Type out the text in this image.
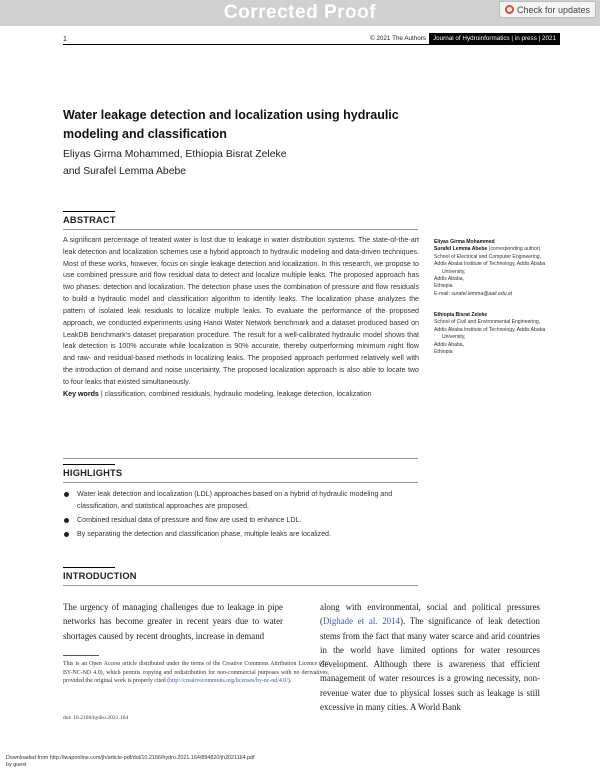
Corrected Proof	Check for updates
1	© 2021 The Authors	Journal of Hydroinformatics | in press | 2021
Water leakage detection and localization using hydraulic modeling and classification
Eliyas Girma Mohammed, Ethiopia Bisrat Zeleke
and Surafel Lemma Abebe
ABSTRACT

A significant percentage of treated water is lost due to leakage in water distribution systems. The state-of-the-art leak detection and localization schemes use a hybrid approach to hydraulic modeling and data-driven techniques. Most of these works, however, focus on single leakage detection and localization. In this research, we propose to use combined pressure and flow residual data to detect and localize multiple leaks. The proposed approach has two phases: detection and localization. The detection phase uses the combination of pressure and flow residuals to build a hydraulic model and classification algorithm to identify leaks. The localization phase analyzes the pattern of isolated leak residuals to localize multiple leaks. To evaluate the performance of the proposed approach, we conducted experiments using Hanoi Water Network benchmark and a dataset produced based on LeakDB benchmark's dataset preparation procedure. The result for a well-calibrated hydraulic model shows that leak detection is 100% accurate while localization is 90% accurate, thereby outperforming minimum night flow and raw- and residual-based methods in localizing leaks. The proposed approach performed relatively well with the introduction of demand and noise uncertainty. The proposed localization approach is also able to locate two to four leaks that existed simultaneously.

Key words | classification, combined residuals, hydraulic modeling, leakage detection, localization

Eliyas Girma Mohammed
Surafel Lemma Abebe (corresponding author)
School of Electrical and Computer Engineering,
Addis Ababa Institute of Technology, Addis Ababa
University,
Addis Ababa,
Ethiopia
E-mail: surafel.lemma@aait.edu.et
Ethiopia Bisrat Zeleke
School of Civil and Environmental Engineering,
Addis Ababa Institute of Technology, Addis Ababa
University,
Addis Ababa,
Ethiopia
HIGHLIGHTS
Water leak detection and localization (LDL) approaches based on a hybrid of hydraulic modeling and classification, and statistical approaches are proposed.
Combined residual data of pressure and flow are used to enhance LDL.
By separating the detection and classification phase, multiple leaks are localized.
INTRODUCTION
The urgency of managing challenges due to leakage in pipe networks has become greater in recent years due to water shortages caused by recent droughts, increase in demand
along with environmental, social and political pressures (Dighade et al. 2014). The significance of leak detection stems from the fact that many water scarce and arid countries in the world have limited options for water resources development. Although there is awareness that efficient management of water resources is a growing necessity, non-revenue water due to physical losses such as leakage is still excessive in many cities. A World Bank

This is an Open Access article distributed under the terms of the Creative Commons Attribution Licence (CC BY-NC-ND 4.0), which permits copying and redistribution for non-commercial purposes with no derivatives, provided the original work is properly cited (http://creativecommons.org/licenses/by-nc-nd/4.0/).

doi: 10.2166/hydro.2021.164
Downloaded from http://iwaponline.com/jh/article-pdf/doi/10.2166/hydro.2021.164/894820/jh2021164.pdf
by guest
